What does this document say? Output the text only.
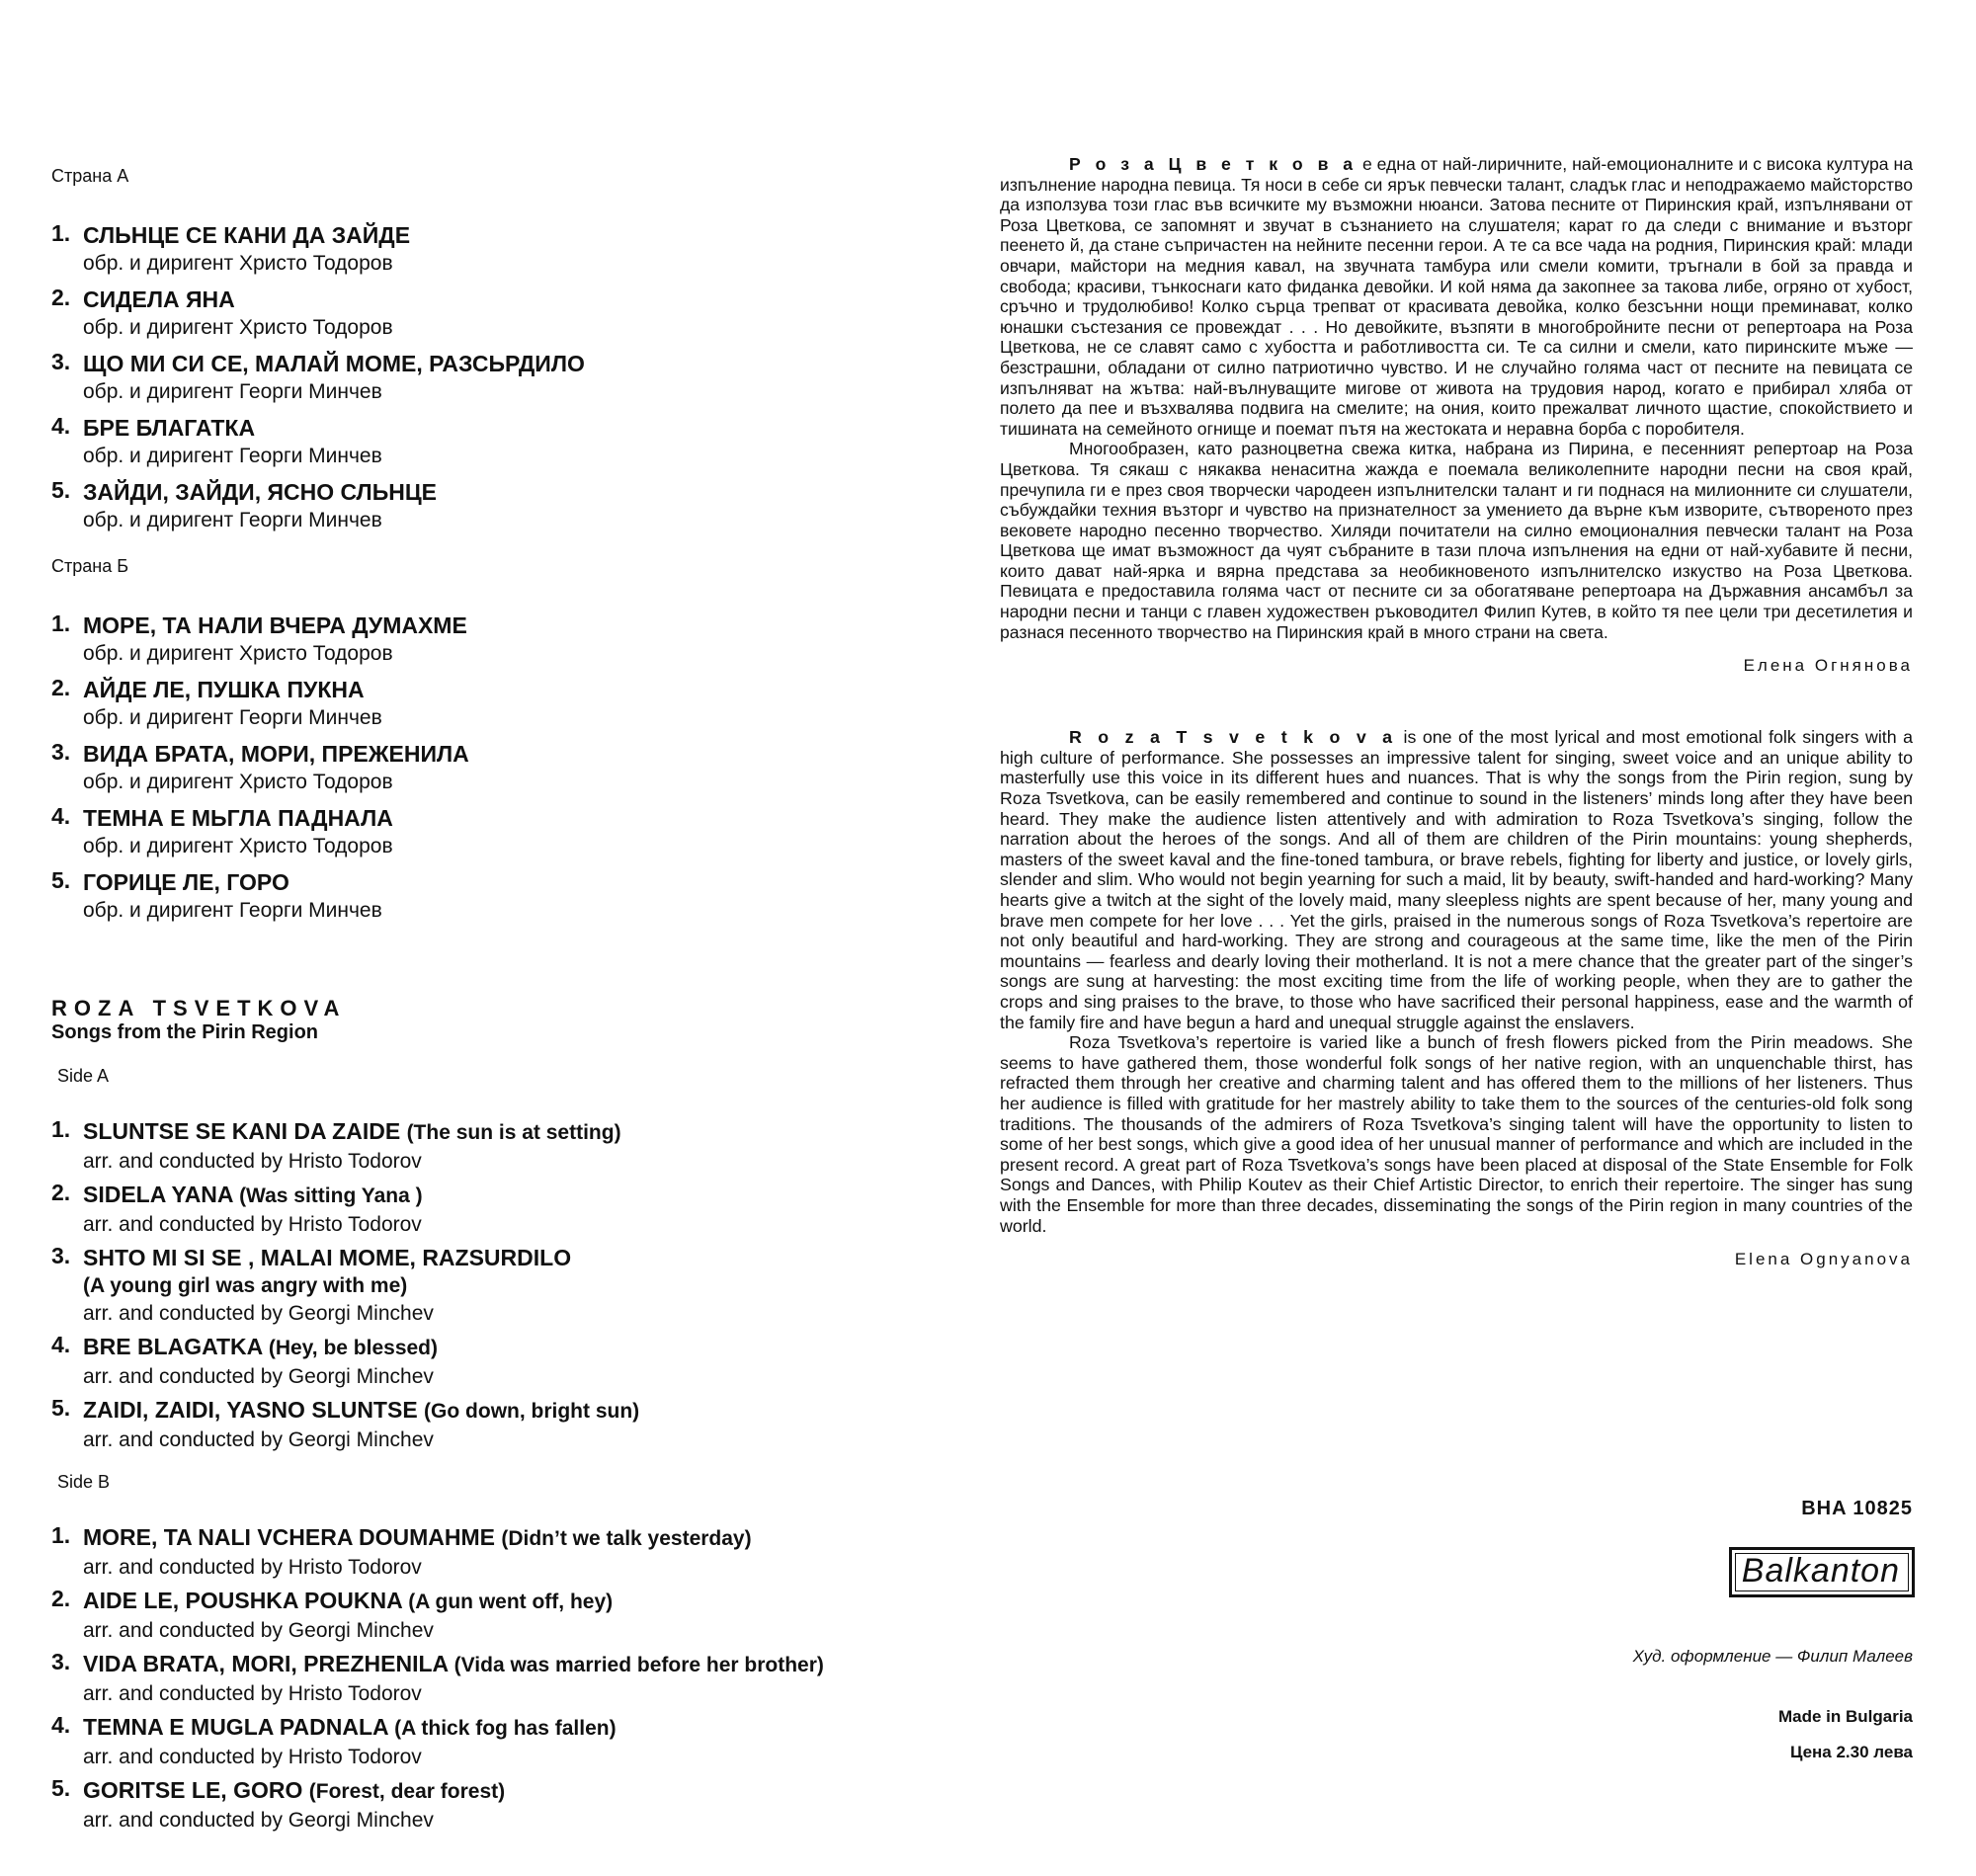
Страна А

1. СЛЬНЦЕ СЕ КАНИ ДА ЗАЙДЕ
обр. и диригент Христо Тодоров
2. СИДЕЛА ЯНА
обр. и диригент Христо Тодоров
3. ЩО МИ СИ СЕ, МАЛАЙ МОМЕ, РАЗСЬРДИЛО
обр. и диригент Георги Минчев
4. БРЕ БЛАГАТКА
обр. и диригент Георги Минчев
5. ЗАЙДИ, ЗАЙДИ, ЯСНО СЛЬНЦЕ
обр. и диригент Георги Минчев

Страна Б

1. МОРЕ, ТА НАЛИ ВЧЕРА ДУМАХМЕ
обр. и диригент Христо Тодоров
2. АЙДЕ ЛЕ, ПУШКА ПУКНА
обр. и диригент Георги Минчев
3. ВИДА БРАТА, МОРИ, ПРЕЖЕНИЛА
обр. и диригент Христо Тодоров
4. ТЕМНА Е МЬГЛА ПАДНАЛА
обр. и диригент Христо Тодоров
5. ГОРИЦЕ ЛЕ, ГОРО
обр. и диригент Георги Минчев

ROZA TSVETKOVA

Songs from the Pirin Region

Side A

1. SLUNTSE SE KANI DA ZAIDE (The sun is at setting)
arr. and conducted by Hristo Todorov
2. SIDELA YANA (Was sitting Yana )
arr. and conducted by Hristo Todorov
3. SHTO MI SI SE , MALAI MOME, RAZSURDILO
(A young girl was angry with me)
arr. and conducted by Georgi Minchev
4. BRE BLAGATKA (Hey, be blessed)
arr. and conducted by Georgi Minchev
5. ZAIDI, ZAIDI, YASNO SLUNTSE (Go down, bright sun)
arr. and conducted by Georgi Minchev

Side B

1. MORE, TA NALI VCHERA DOUMAHME (Didn’t we talk yesterday)
arr. and conducted by Hristo Todorov
2. AIDE LE, POUSHKA POUKNA (A gun went off, hey)
arr. and conducted by Georgi Minchev
3. VIDA BRATA, MORI, PREZHENILA (Vida was married before her brother)
arr. and conducted by Hristo Todorov
4. TEMNA E MUGLA PADNALA (A thick fog has fallen)
arr. and conducted by Hristo Todorov
5. GORITSE LE, GORO (Forest, dear forest)
arr. and conducted by Georgi Minchev
Р о з а Ц в е т к о в а е една от най-лиричните, най-емоционалните и с висока култура на изпълнение народна певица. Тя носи в себе си ярък певчески талант, сладък глас и неподражаемо майсторство да използува този глас във всичките му възможни нюанси. Затова песните от Пиринския край, изпълнявани от Роза Цветкова, се запомнят и звучат в съзнанието на слушателя; карат го да следи с внимание и възторг пеенето й, да стане съпричастен на нейните песенни герои. А те са все чада на родния, Пиринския край: млади овчари, майстори на медния кавал, на звучната тамбура или смели комити, тръгнали в бой за правда и свобода; красиви, тънкоснаги като фиданка девойки. И кой няма да закопнее за такова либе, огряно от хубост, сръчно и трудолюбиво! Колко сърца трепват от красивата девойка, колко безсънни нощи преминават, колко юнашки състезания се провеждат . . . Но девойките, възпяти в многобройните песни от репертоара на Роза Цветкова, не се славят само с хубостта и работливостта си. Те са силни и смели, като пиринските мъже — безстрашни, обладани от силно патриотично чувство. И не случайно голяма част от песните на певицата се изпълняват на жътва: най-вълнуващите мигове от живота на трудовия народ, когато е прибирал хляба от полето да пее и възхвалява подвига на смелите; на ония, които прежалват личното щастие, спокойствието и тишината на семейното огнище и поемат пътя на жестоката и неравна борба с поробителя.
Многообразен, като разноцветна свежа китка, набрана из Пирина, е песенният репертоар на Роза Цветкова. Тя сякаш с някаква ненаситна жажда е поемала великолепните народни песни на своя край, пречупила ги е през своя творчески чародеен изпълнителски талант и ги поднася на милионните си слушатели, събуждайки техния възторг и чувство на признателност за умението да върне към изворите, сътвореното през вековете народно песенно творчество. Хиляди почитатели на силно емоционалния певчески талант на Роза Цветкова ще имат възможност да чуят събраните в тази плоча изпълнения на едни от най-хубавите й песни, които дават най-ярка и вярна представа за необикновеното изпълнителско изкуство на Роза Цветкова. Певицата е предоставила голяма част от песните си за обогатяване репертоара на Държавния ансамбъл за народни песни и танци с главен художествен ръководител Филип Кутев, в който тя пее цели три десетилетия и разнася песенното творчество на Пиринския край в много страни на света.

Елена Огнянова

R o z a T s v e t k o v a is one of the most lyrical and most emotional folk singers with a high culture of performance. She possesses an impressive talent for singing, sweet voice and an unique ability to masterfully use this voice in its different hues and nuances. That is why the songs from the Pirin region, sung by Roza Tsvetkova, can be easily remembered and continue to sound in the listeners’ minds long after they have been heard. They make the audience listen attentively and with admiration to Roza Tsvetkova’s singing, follow the narration about the heroes of the songs. And all of them are children of the Pirin mountains: young shepherds, masters of the sweet kaval and the fine-toned tambura, or brave rebels, fighting for liberty and justice, or lovely girls, slender and slim. Who would not begin yearning for such a maid, lit by beauty, swift-handed and hard-working? Many hearts give a twitch at the sight of the lovely maid, many sleepless nights are spent because of her, many young and brave men compete for her love . . . Yet the girls, praised in the numerous songs of Roza Tsvetkova’s repertoire are not only beautiful and hard-working. They are strong and courageous at the same time, like the men of the Pirin mountains — fearless and dearly loving their motherland. It is not a mere chance that the greater part of the singer’s songs are sung at harvesting: the most exciting time from the life of working people, when they are to gather the crops and sing praises to the brave, to those who have sacrificed their personal happiness, ease and the warmth of the family fire and have begun a hard and unequal struggle against the enslavers.
Roza Tsvetkova’s repertoire is varied like a bunch of fresh flowers picked from the Pirin meadows. She seems to have gathered them, those wonderful folk songs of her native region, with an unquenchable thirst, has refracted them through her creative and charming talent and has offered them to the millions of her listeners. Thus her audience is filled with gratitude for her mastrely ability to take them to the sources of the centuries-old folk song traditions. The thousands of the admirers of Roza Tsvetkova’s singing talent will have the opportunity to listen to some of her best songs, which give a good idea of her unusual manner of performance and which are included in the present record. A great part of Roza Tsvetkova’s songs have been placed at disposal of the State Ensemble for Folk Songs and Dances, with Philip Koutev as their Chief Artistic Director, to enrich their repertoire. The singer has sung with the Ensemble for more than three decades, disseminating the songs of the Pirin region in many countries of the world.

Elena Ognyanova

BHA 10825
Balkanton
Худ. оформление — Филип Малеев
Made in Bulgaria
Цена 2.30 лева
